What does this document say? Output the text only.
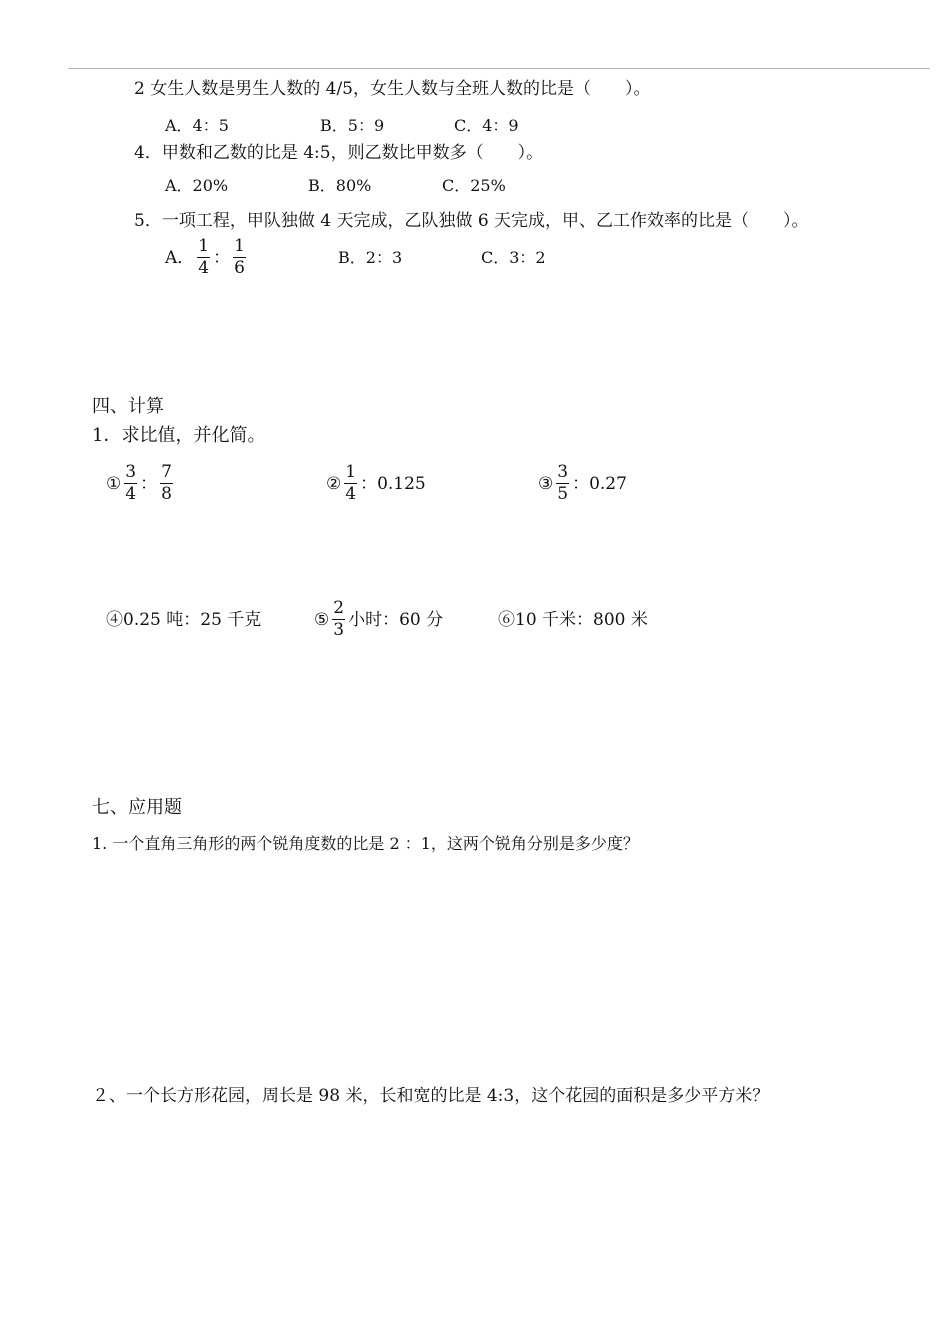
2 女生人数是男生人数的 4/5，女生人数与全班人数的比是（　　）。
A．4：5	B．5：9	C．4：9
4．甲数和乙数的比是 4:5，则乙数比甲数多（　　）。
A．20%	B．80%	C．25%
5．一项工程，甲队独做 4 天完成，乙队独做 6 天完成，甲、乙工作效率的比是（　　）。
A． $\frac{1}{4}$ ： $\frac{1}{6}$	B．2：3	C．3：2
四、计算
1．求比值，并化简。
① $\frac{3}{4}$ ： $\frac{7}{8}$	② $\frac{1}{4}$ ：0.125	③ $\frac{3}{5}$ ：0.27
④0.25 吨：25 千克	⑤ $\frac{2}{3}$ 小时：60 分	⑥10 千米：800 米
七、应用题
1. 一个直角三角形的两个锐角度数的比是 2 ：1，这两个锐角分别是多少度？
２、一个长方形花园，周长是 98 米，长和宽的比是 4:3，这个花园的面积是多少平方米？
